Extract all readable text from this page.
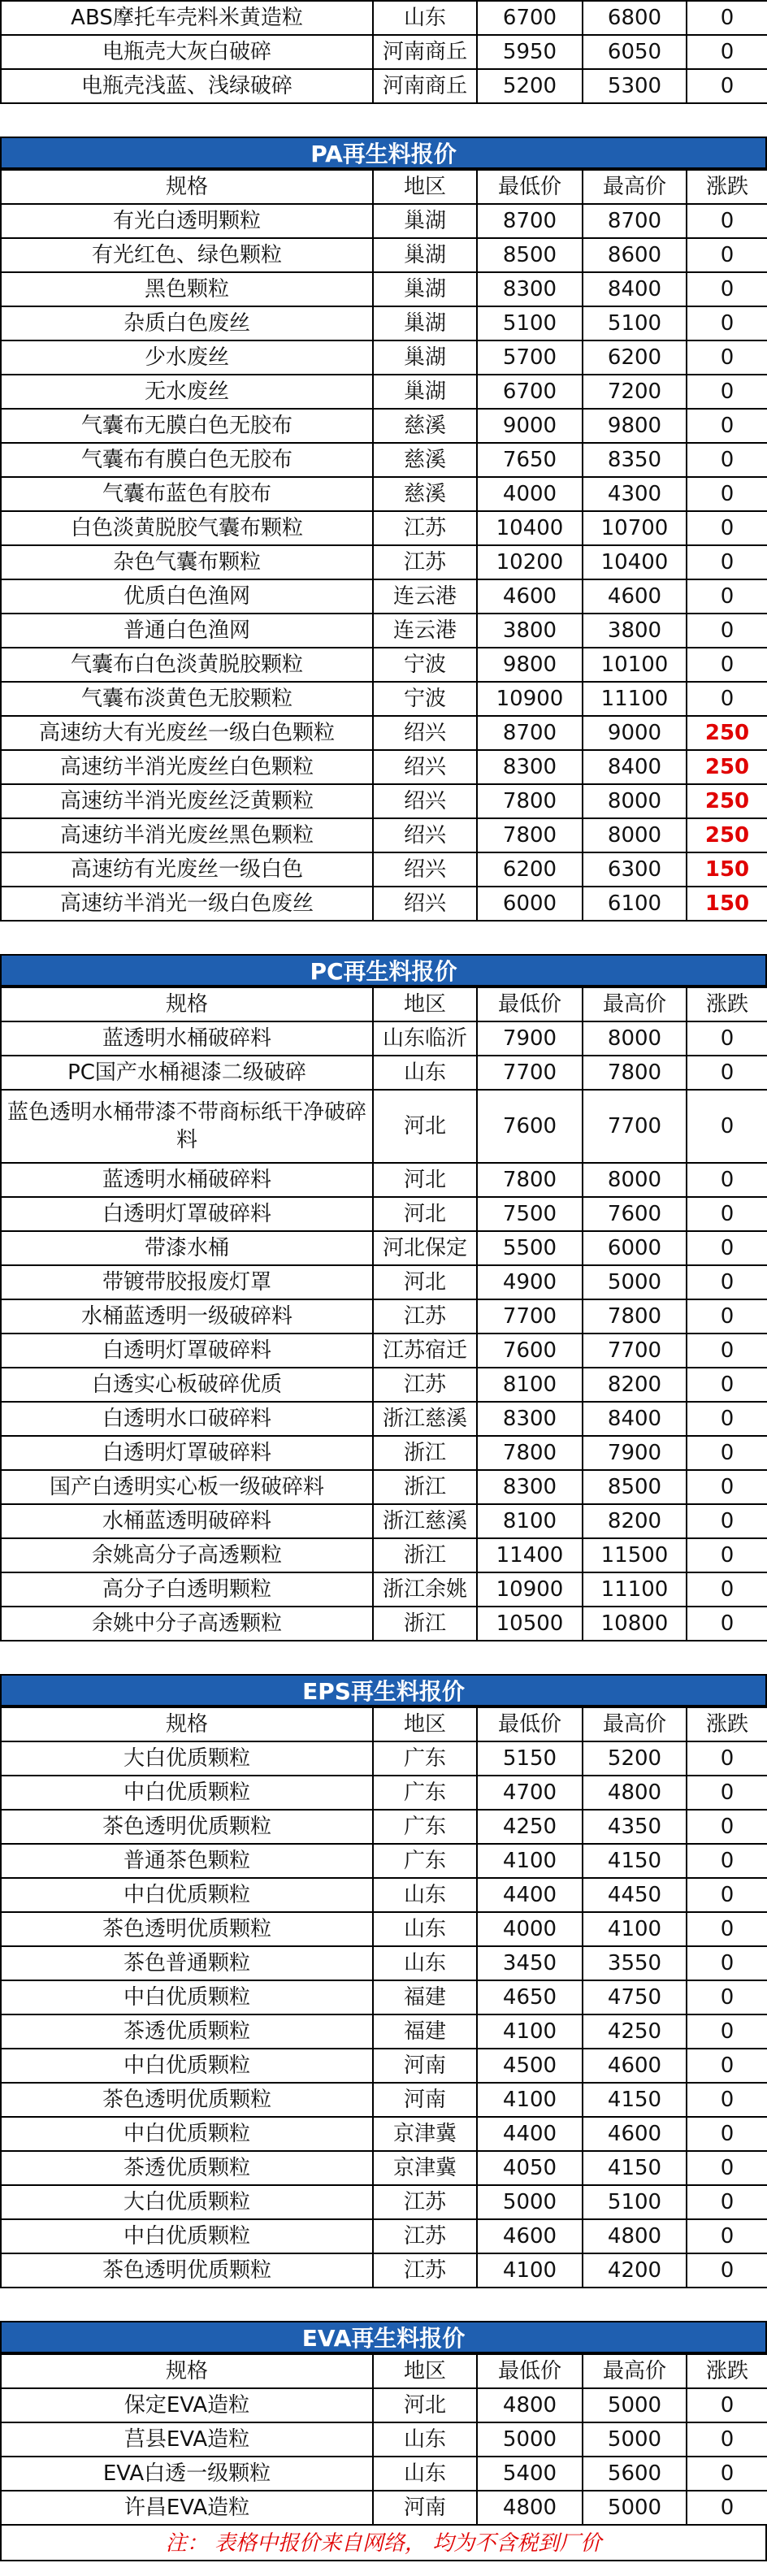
ABS摩托车壳料米黄造粒	山东	6700	6800	0
电瓶壳大灰白破碎	河南商丘	5950	6050	0
电瓶壳浅蓝、浅绿破碎	河南商丘	5200	5300	0
PA再生料报价
规格	地区	最低价	最高价	涨跌
有光白透明颗粒	巢湖	8700	8700	0
有光红色、绿色颗粒	巢湖	8500	8600	0
黑色颗粒	巢湖	8300	8400	0
杂质白色废丝	巢湖	5100	5100	0
少水废丝	巢湖	5700	6200	0
无水废丝	巢湖	6700	7200	0
气囊布无膜白色无胶布	慈溪	9000	9800	0
气囊布有膜白色无胶布	慈溪	7650	8350	0
气囊布蓝色有胶布	慈溪	4000	4300	0
白色淡黄脱胶气囊布颗粒	江苏	10400	10700	0
杂色气囊布颗粒	江苏	10200	10400	0
优质白色渔网	连云港	4600	4600	0
普通白色渔网	连云港	3800	3800	0
气囊布白色淡黄脱胶颗粒	宁波	9800	10100	0
气囊布淡黄色无胶颗粒	宁波	10900	11100	0
高速纺大有光废丝一级白色颗粒	绍兴	8700	9000	250
高速纺半消光废丝白色颗粒	绍兴	8300	8400	250
高速纺半消光废丝泛黄颗粒	绍兴	7800	8000	250
高速纺半消光废丝黑色颗粒	绍兴	7800	8000	250
高速纺有光废丝一级白色	绍兴	6200	6300	150
高速纺半消光一级白色废丝	绍兴	6000	6100	150
PC再生料报价
规格	地区	最低价	最高价	涨跌
蓝透明水桶破碎料	山东临沂	7900	8000	0
PC国产水桶褪漆二级破碎	山东	7700	7800	0
蓝色透明水桶带漆不带商标纸干净破碎料	河北	7600	7700	0
蓝透明水桶破碎料	河北	7800	8000	0
白透明灯罩破碎料	河北	7500	7600	0
带漆水桶	河北保定	5500	6000	0
带镀带胶报废灯罩	河北	4900	5000	0
水桶蓝透明一级破碎料	江苏	7700	7800	0
白透明灯罩破碎料	江苏宿迁	7600	7700	0
白透实心板破碎优质	江苏	8100	8200	0
白透明水口破碎料	浙江慈溪	8300	8400	0
白透明灯罩破碎料	浙江	7800	7900	0
国产白透明实心板一级破碎料	浙江	8300	8500	0
水桶蓝透明破碎料	浙江慈溪	8100	8200	0
余姚高分子高透颗粒	浙江	11400	11500	0
高分子白透明颗粒	浙江余姚	10900	11100	0
余姚中分子高透颗粒	浙江	10500	10800	0
EPS再生料报价
规格	地区	最低价	最高价	涨跌
大白优质颗粒	广东	5150	5200	0
中白优质颗粒	广东	4700	4800	0
茶色透明优质颗粒	广东	4250	4350	0
普通茶色颗粒	广东	4100	4150	0
中白优质颗粒	山东	4400	4450	0
茶色透明优质颗粒	山东	4000	4100	0
茶色普通颗粒	山东	3450	3550	0
中白优质颗粒	福建	4650	4750	0
茶透优质颗粒	福建	4100	4250	0
中白优质颗粒	河南	4500	4600	0
茶色透明优质颗粒	河南	4100	4150	0
中白优质颗粒	京津冀	4400	4600	0
茶透优质颗粒	京津冀	4050	4150	0
大白优质颗粒	江苏	5000	5100	0
中白优质颗粒	江苏	4600	4800	0
茶色透明优质颗粒	江苏	4100	4200	0
EVA再生料报价
规格	地区	最低价	最高价	涨跌
保定EVA造粒	河北	4800	5000	0
莒县EVA造粒	山东	5000	5000	0
EVA白透一级颗粒	山东	5400	5600	0
许昌EVA造粒	河南	4800	5000	0
注： 表格中报价来自网络， 均为不含税到厂价
